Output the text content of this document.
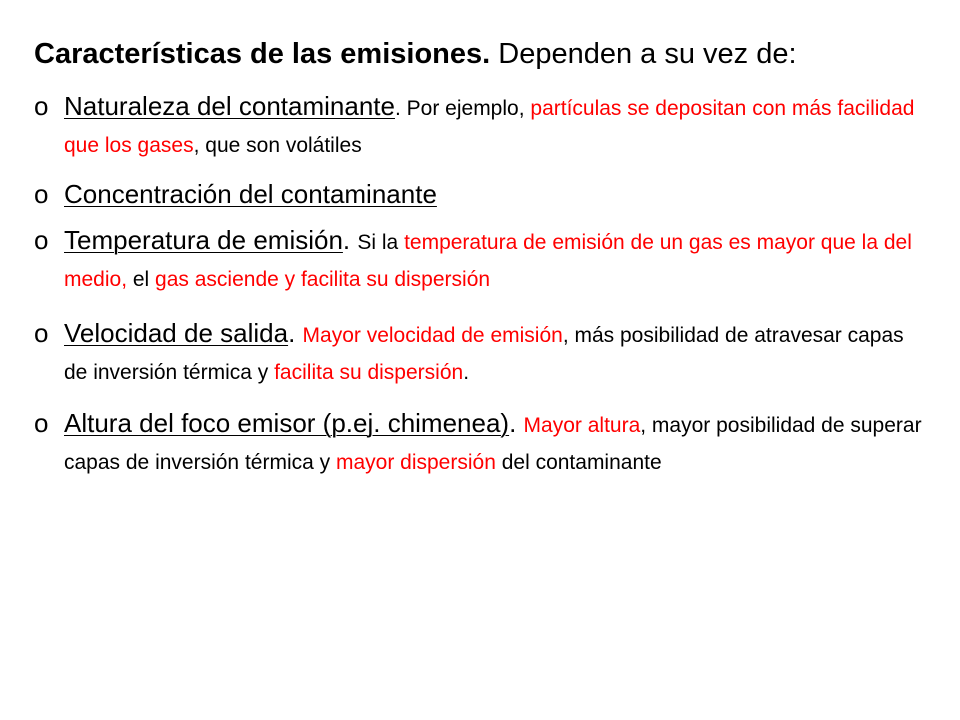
Características de las emisiones. Dependen a su vez de:
o Naturaleza del contaminante. Por ejemplo, partículas se depositan con más facilidad que los gases, que son volátiles
o Concentración del contaminante
o Temperatura de emisión. Si la temperatura de emisión de un gas es mayor que la del medio, el gas asciende y facilita su dispersión
o Velocidad de salida. Mayor velocidad de emisión, más posibilidad de atravesar capas de inversión térmica y facilita su dispersión.
o Altura del foco emisor (p.ej. chimenea). Mayor altura, mayor posibilidad de superar capas de inversión térmica y mayor dispersión del contaminante
